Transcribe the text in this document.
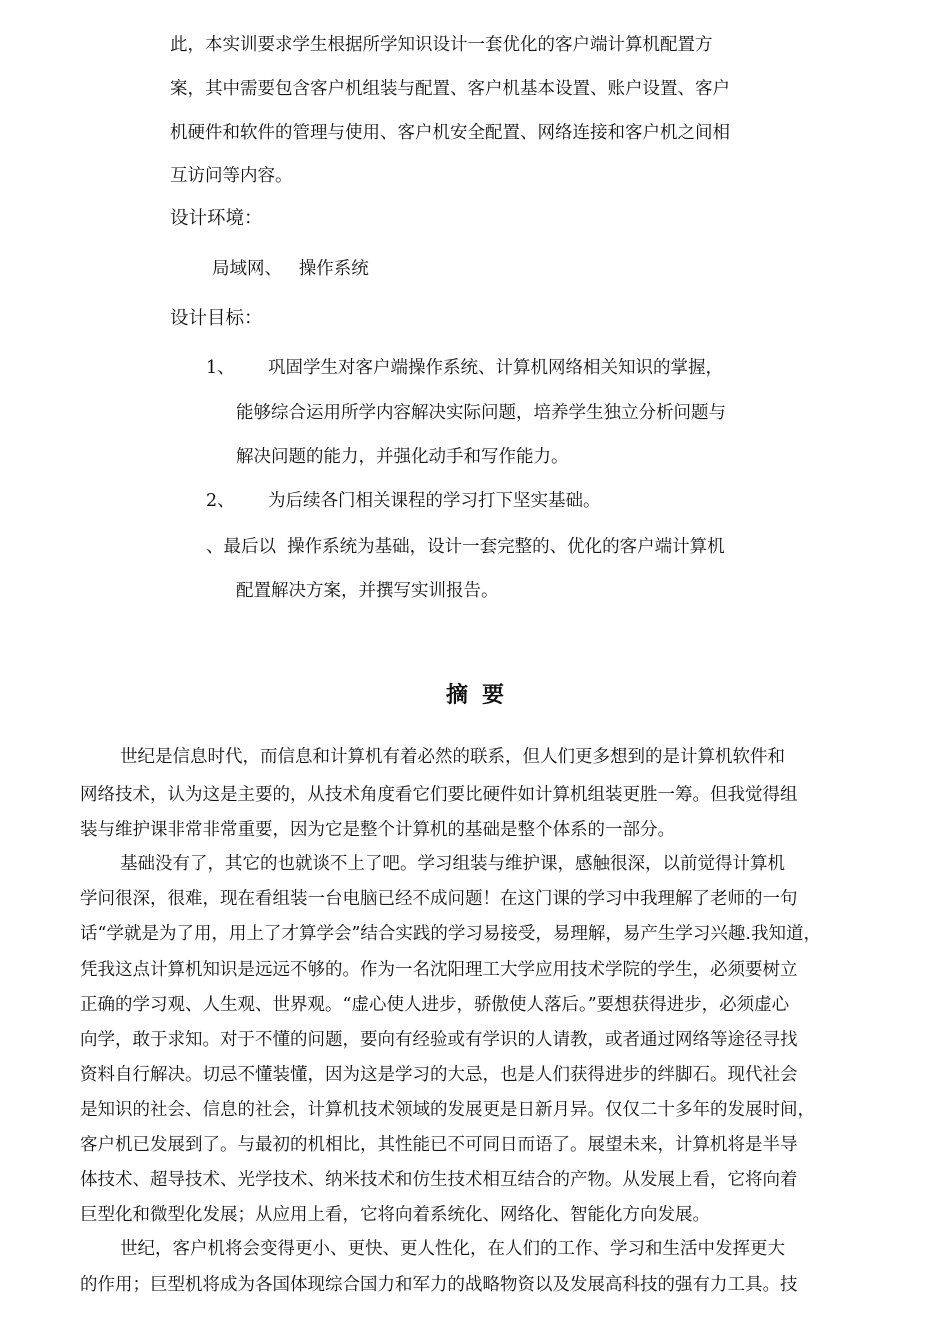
此，本实训要求学生根据所学知识设计一套优化的客户端计算机配置方
案，其中需要包含客户机组装与配置、客户机基本设置、账户设置、客户
机硬件和软件的管理与使用、客户机安全配置、网络连接和客户机之间相
互访问等内容。
设计环境：
局域网、   操作系统
设计目标：
1、 巩固学生对客户端操作系统、计算机网络相关知识的掌握，
能够综合运用所学内容解决实际问题，培养学生独立分析问题与
解决问题的能力，并强化动手和写作能力。
2、 为后续各门相关课程的学习打下坚实基础。
、最后以  操作系统为基础，设计一套完整的、优化的客户端计算机
配置解决方案，并撰写实训报告。
摘要
世纪是信息时代，而信息和计算机有着必然的联系，但人们更多想到的是计算机软件和
网络技术，认为这是主要的，从技术角度看它们要比硬件如计算机组装更胜一筹。但我觉得组
装与维护课非常非常重要，因为它是整个计算机的基础是整个体系的一部分。
基础没有了，其它的也就谈不上了吧。学习组装与维护课，感触很深，以前觉得计算机
学问很深，很难，现在看组装一台电脑已经不成问题！在这门课的学习中我理解了老师的一句
话“学就是为了用，用上了才算学会”结合实践的学习易接受，易理解，易产生学习兴趣.我知道，
凭我这点计算机知识是远远不够的。作为一名沈阳理工大学应用技术学院的学生，必须要树立
正确的学习观、人生观、世界观。“虚心使人进步，骄傲使人落后。”要想获得进步，必须虚心
向学，敢于求知。对于不懂的问题，要向有经验或有学识的人请教，或者通过网络等途径寻找
资料自行解决。切忌不懂装懂，因为这是学习的大忌，也是人们获得进步的绊脚石。现代社会
是知识的社会、信息的社会，计算机技术领域的发展更是日新月异。仅仅二十多年的发展时间，
客户机已发展到了。与最初的机相比，其性能已不可同日而语了。展望未来，计算机将是半导
体技术、超导技术、光学技术、纳米技术和仿生技术相互结合的产物。从发展上看，它将向着
巨型化和微型化发展；从应用上看，它将向着系统化、网络化、智能化方向发展。
世纪，客户机将会变得更小、更快、更人性化，在人们的工作、学习和生活中发挥更大
的作用；巨型机将成为各国体现综合国力和军力的战略物资以及发展高科技的强有力工具。技
